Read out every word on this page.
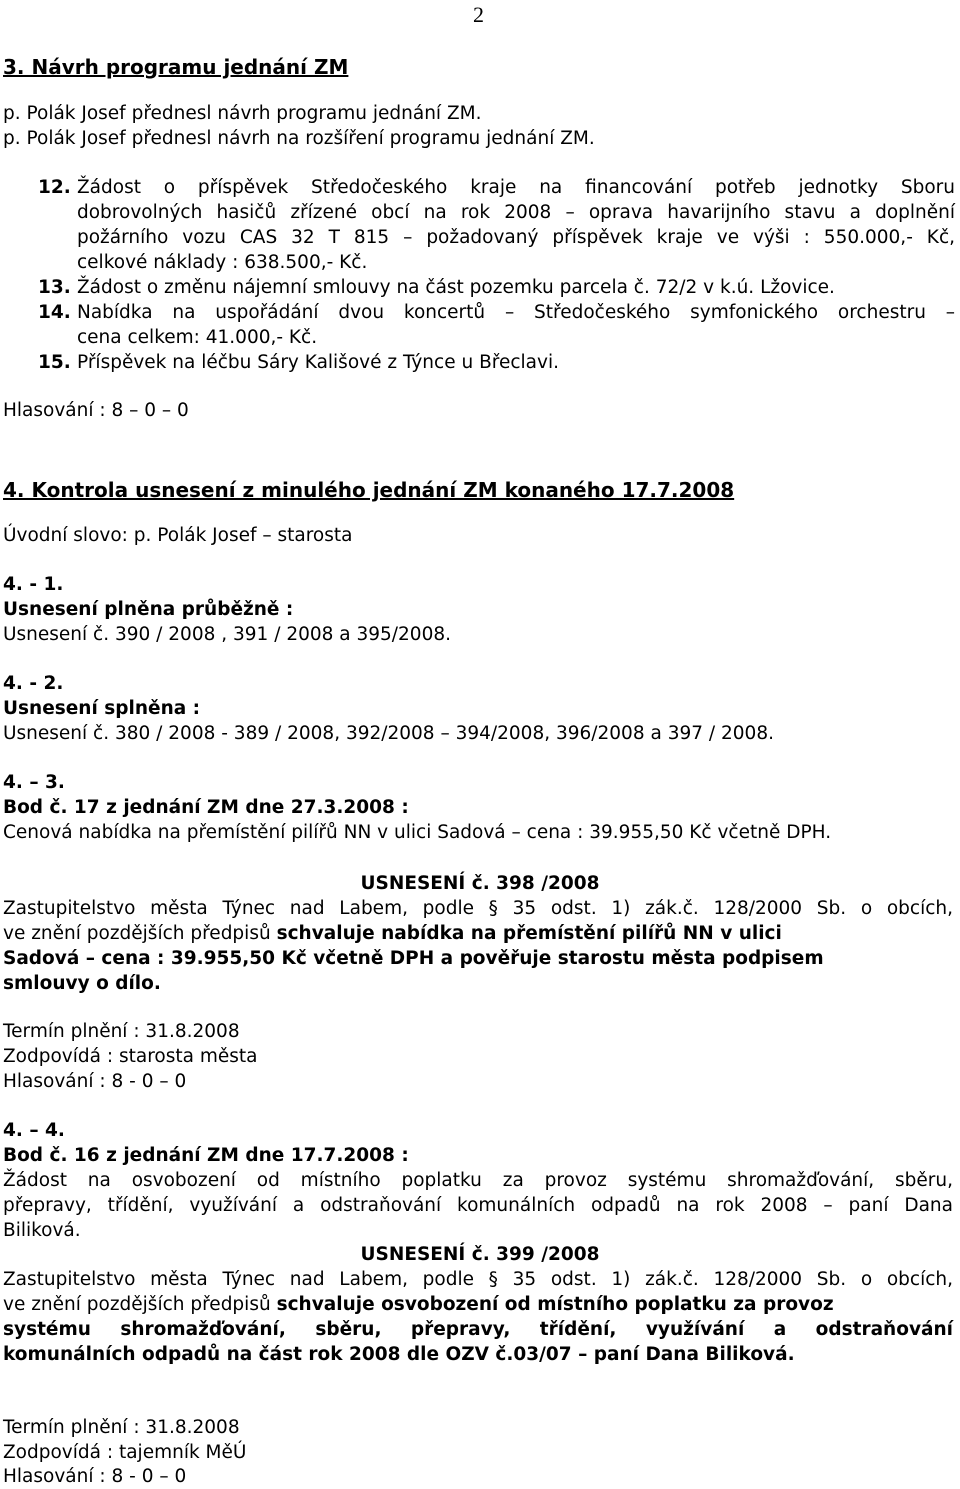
2
3. Návrh programu jednání ZM
p. Polák Josef přednesl návrh programu jednání ZM.
p. Polák Josef přednesl návrh na rozšíření programu jednání ZM.
12. Žádost o příspěvek Středočeského kraje na financování potřeb jednotky Sboru
dobrovolných hasičů zřízené obcí na rok 2008 – oprava havarijního stavu a doplnění
požárního vozu CAS 32 T 815 – požadovaný příspěvek kraje ve výši : 550.000,- Kč,
celkové náklady : 638.500,- Kč.
13. Žádost o změnu nájemní smlouvy na část pozemku parcela č. 72/2 v k.ú. Lžovice.
14. Nabídka na uspořádání dvou koncertů – Středočeského symfonického orchestru –
cena celkem: 41.000,- Kč.
15. Příspěvek na léčbu Sáry Kališové z Týnce u Břeclavi.
Hlasování : 8 – 0 – 0
4. Kontrola usnesení z minulého jednání ZM konaného 17.7.2008
Úvodní slovo: p. Polák Josef – starosta
4. - 1.
Usnesení plněna průběžně :
Usnesení č. 390 / 2008 , 391 / 2008 a 395/2008.
4. - 2.
Usnesení splněna :
Usnesení č. 380 / 2008 - 389 / 2008, 392/2008 – 394/2008, 396/2008 a 397 / 2008.
4. – 3.
Bod č. 17 z jednání ZM dne 27.3.2008 :
Cenová nabídka na přemístění pilířů NN v ulici Sadová – cena : 39.955,50 Kč včetně DPH.
USNESENÍ č. 398 /2008
Zastupitelstvo města Týnec nad Labem, podle § 35 odst. 1) zák.č. 128/2000 Sb. o obcích,
ve znění pozdějších předpisů schvaluje nabídka na přemístění pilířů NN v ulici
Sadová – cena : 39.955,50 Kč včetně DPH a pověřuje starostu města podpisem
smlouvy o dílo.
Termín plnění : 31.8.2008
Zodpovídá : starosta města
Hlasování : 8 - 0 – 0
4. – 4.
Bod č. 16 z jednání ZM dne 17.7.2008 :
Žádost na osvobození od místního poplatku za provoz systému shromažďování, sběru,
přepravy, třídění, využívání a odstraňování komunálních odpadů na rok 2008 – paní Dana
Biliková.
USNESENÍ č. 399 /2008
Zastupitelstvo města Týnec nad Labem, podle § 35 odst. 1) zák.č. 128/2000 Sb. o obcích,
ve znění pozdějších předpisů schvaluje osvobození od místního poplatku za provoz
systému shromažďování, sběru, přepravy, třídění, využívání a odstraňování
komunálních odpadů na část rok 2008 dle OZV č.03/07 – paní Dana Biliková.
Termín plnění : 31.8.2008
Zodpovídá : tajemník MěÚ
Hlasování : 8 - 0 – 0
